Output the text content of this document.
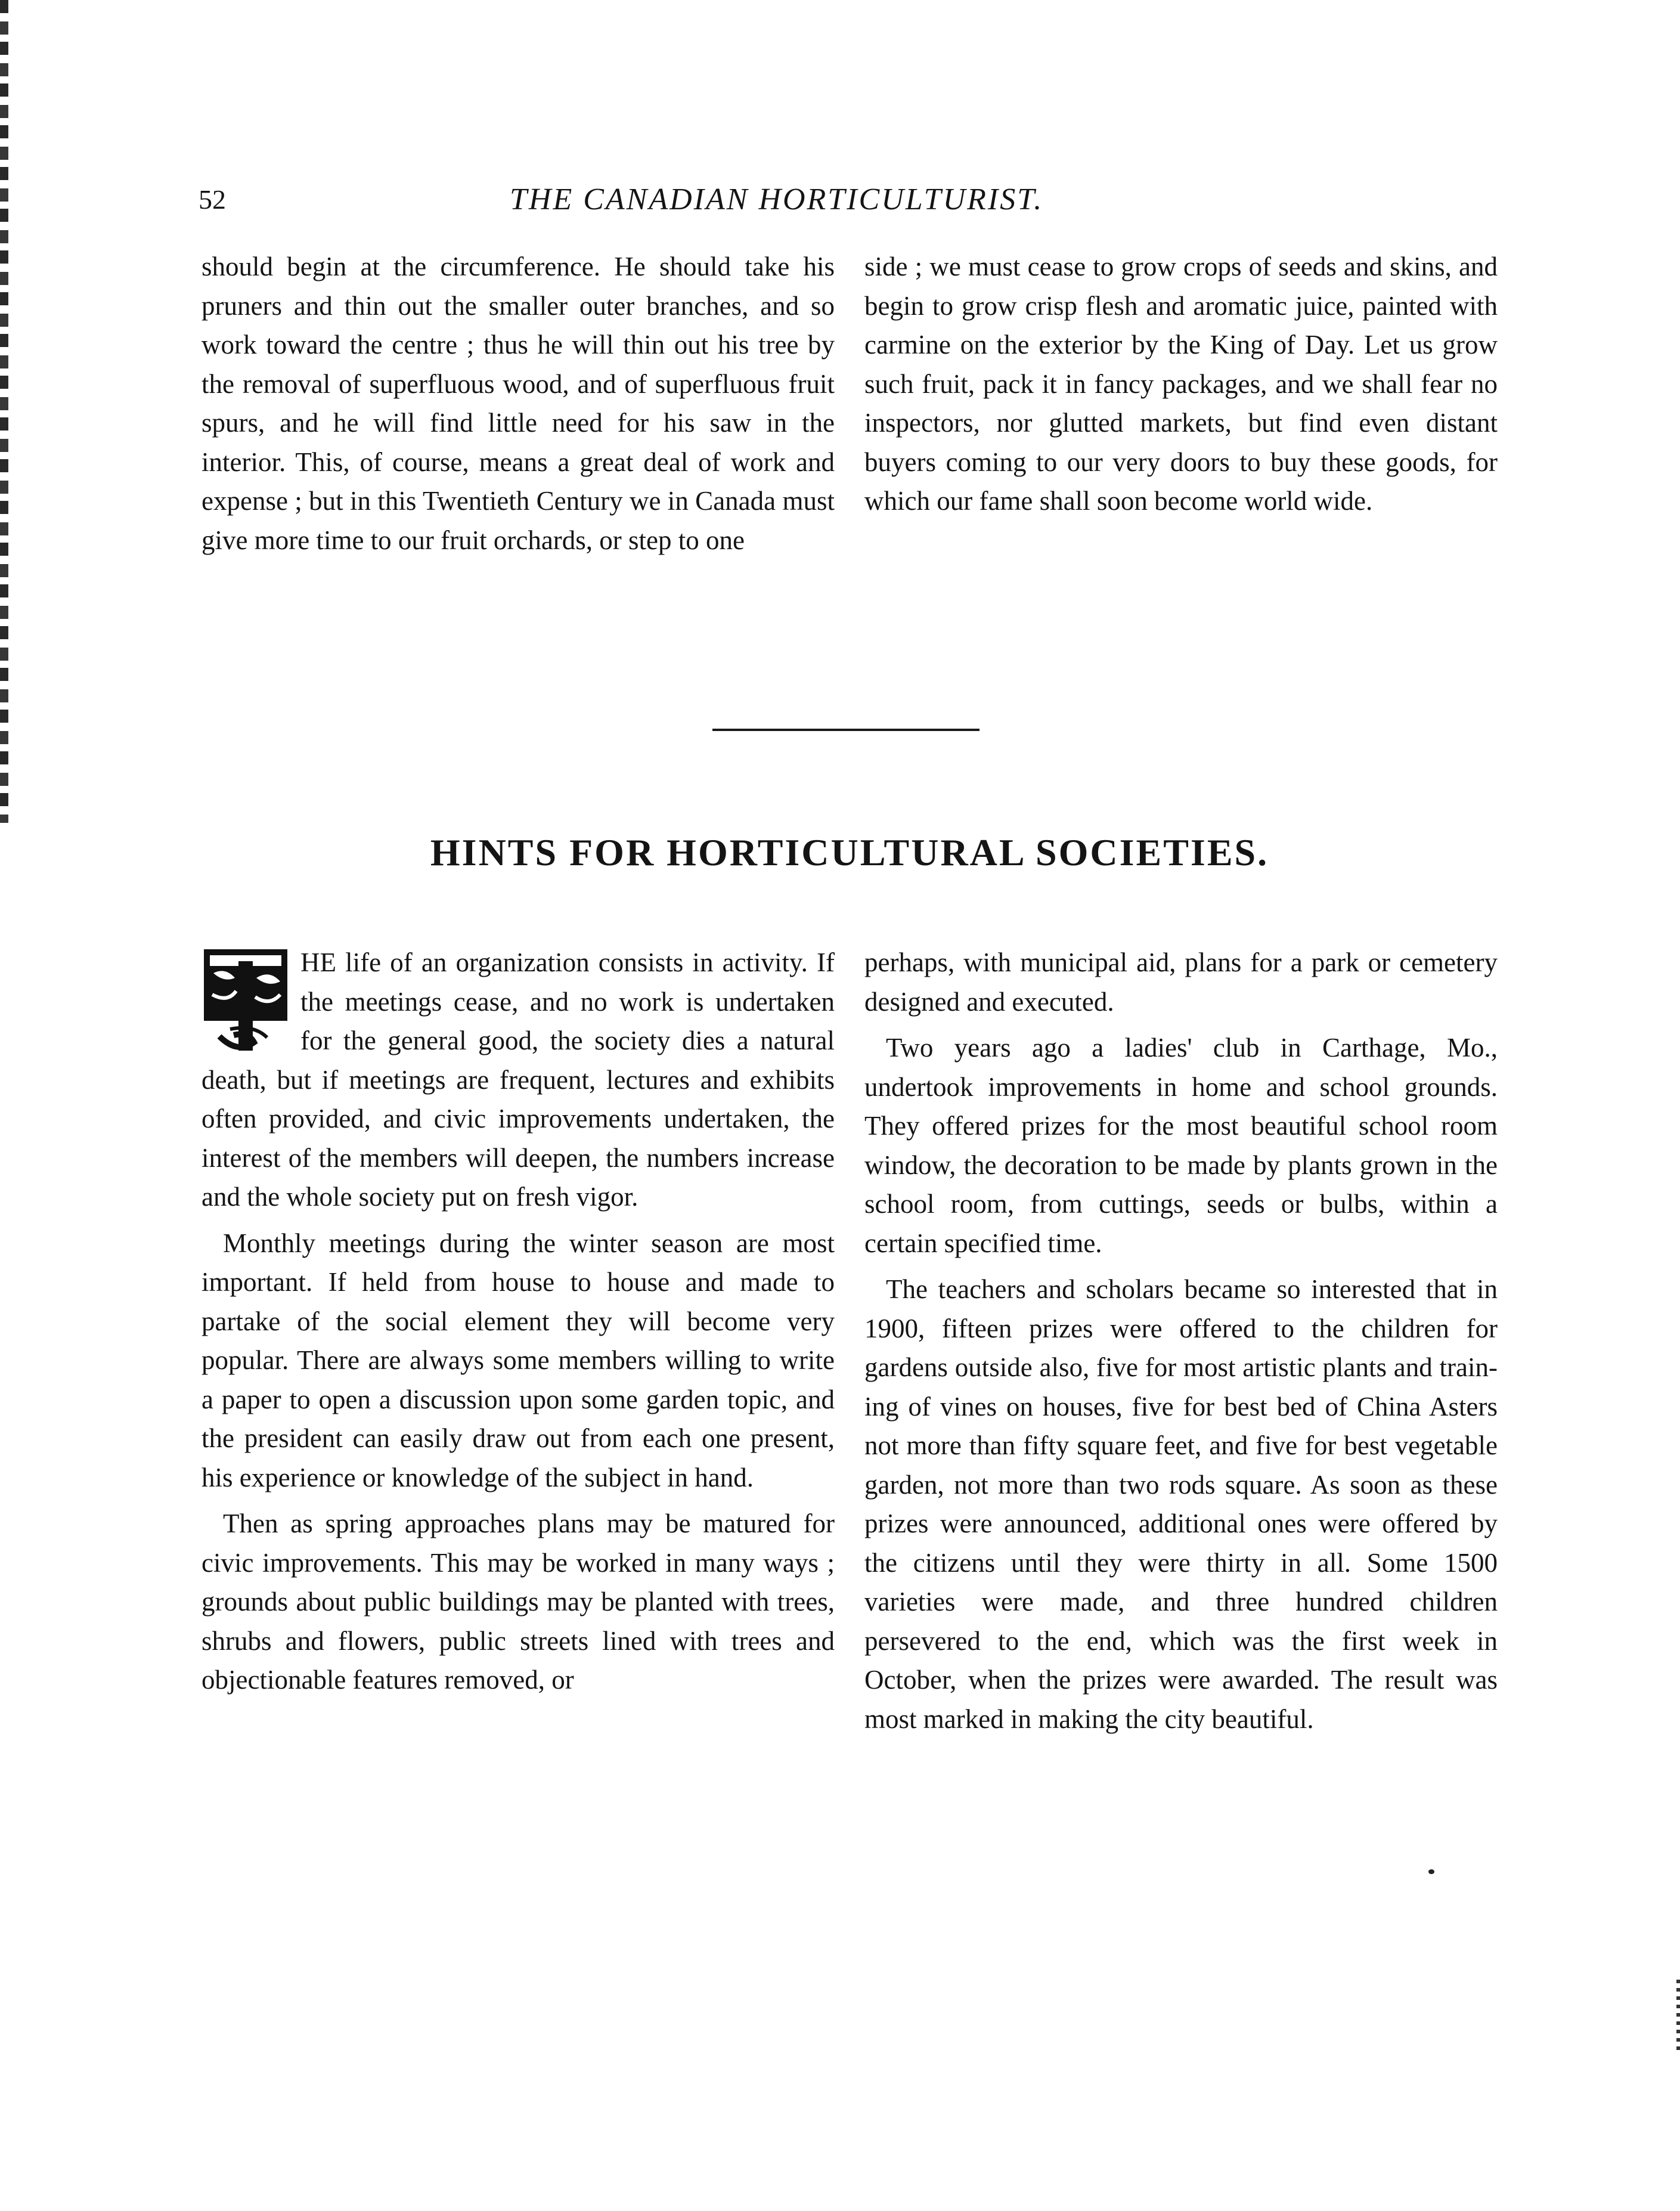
52	THE CANADIAN HORTICULTURIST.

should begin at the circumference. He should take his pruners and thin out the smaller outer branches, and so work toward the centre ; thus he will thin out his tree by the removal of superfluous wood, and of superfluous fruit spurs, and he will find little need for his saw in the interior. This, of course, means a great deal of work and expense ; but in this Twentieth Century we in Canada must give more time to our fruit orchards, or step to one

side ; we must cease to grow crops of seeds and skins, and begin to grow crisp flesh and aromatic juice, painted with carmine on the exterior by the King of Day. Let us grow such fruit, pack it in fancy packages, and we shall fear no inspectors, nor glutted markets, but find even distant buyers coming to our very doors to buy these goods, for which our fame shall soon become world wide.

HINTS FOR HORTICULTURAL SOCIETIES.

HE life of an organization consists in activity. If the meetings cease, and no work is undertaken for the general good, the society dies a natural death, but if meetings are frequent, lectures and exhibits often provided, and civic improvements undertaken, the interest of the members will deepen, the numbers increase and the whole society put on fresh vigor.

Monthly meetings during the winter season are most important. If held from house to house and made to partake of the social element they will become very popular. There are always some members willing to write a paper to open a discussion upon some garden topic, and the president can easily draw out from each one present, his experience or knowledge of the subject in hand.

Then as spring approaches plans may be matured for civic improvements. This may be worked in many ways ; grounds about public buildings may be planted with trees, shrubs and flowers, public streets lined with trees and objectionable features removed, or

perhaps, with municipal aid, plans for a park or cemetery designed and executed.

Two years ago a ladies' club in Carthage, Mo., undertook improvements in home and school grounds. They offered prizes for the most beautiful school room window, the decoration to be made by plants grown in the school room, from cuttings, seeds or bulbs, within a certain specified time.

The teachers and scholars became so interested that in 1900, fifteen prizes were offered to the children for gardens outside also, five for most artistic plants and training of vines on houses, five for best bed of China Asters not more than fifty square feet, and five for best vegetable garden, not more than two rods square. As soon as these prizes were announced, additional ones were offered by the citizens until they were thirty in all. Some 1500 varieties were made, and three hundred children persevered to the end, which was the first week in October, when the prizes were awarded. The result was most marked in making the city beautiful.
